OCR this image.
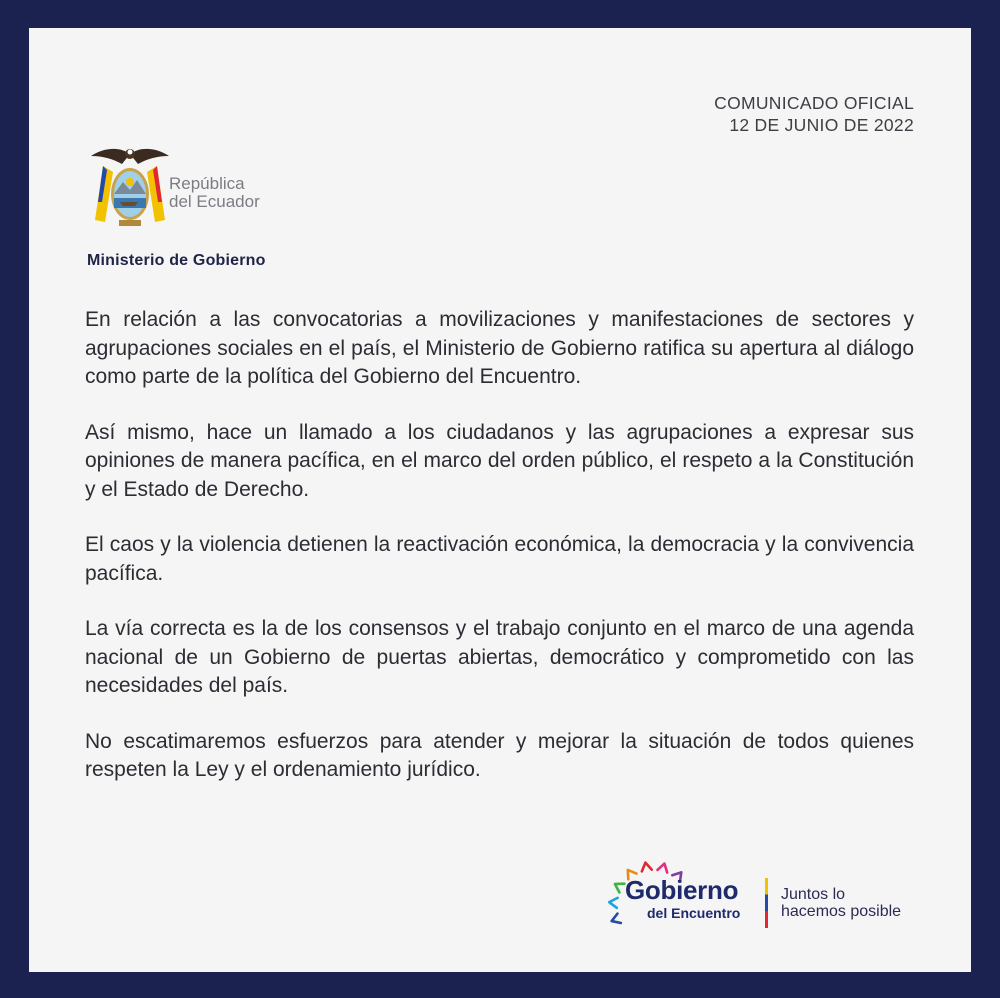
COMUNICADO OFICIAL
12 DE JUNIO DE 2022
República
del Ecuador
Ministerio de Gobierno

En relación a las convocatorias a movilizaciones y manifestaciones de sectores y agrupaciones sociales en el país, el Ministerio de Gobierno ratifica su apertura al diálogo como parte de la política del Gobierno del Encuentro.

Así mismo, hace un llamado a los ciudadanos y las agrupaciones a expresar sus opiniones de manera pacífica, en el marco del orden público, el respeto a la Constitución y el Estado de Derecho.

El caos y la violencia detienen la reactivación económica, la democracia y la convivencia pacífica.

La vía correcta es la de los consensos y el trabajo conjunto en el marco de una agenda nacional de un Gobierno de puertas abiertas, democrático y comprometido con las necesidades del país.

No escatimaremos esfuerzos para atender y mejorar la situación de todos quienes respeten la Ley y el ordenamiento jurídico.

Gobierno
del Encuentro
Juntos lo
hacemos posible
